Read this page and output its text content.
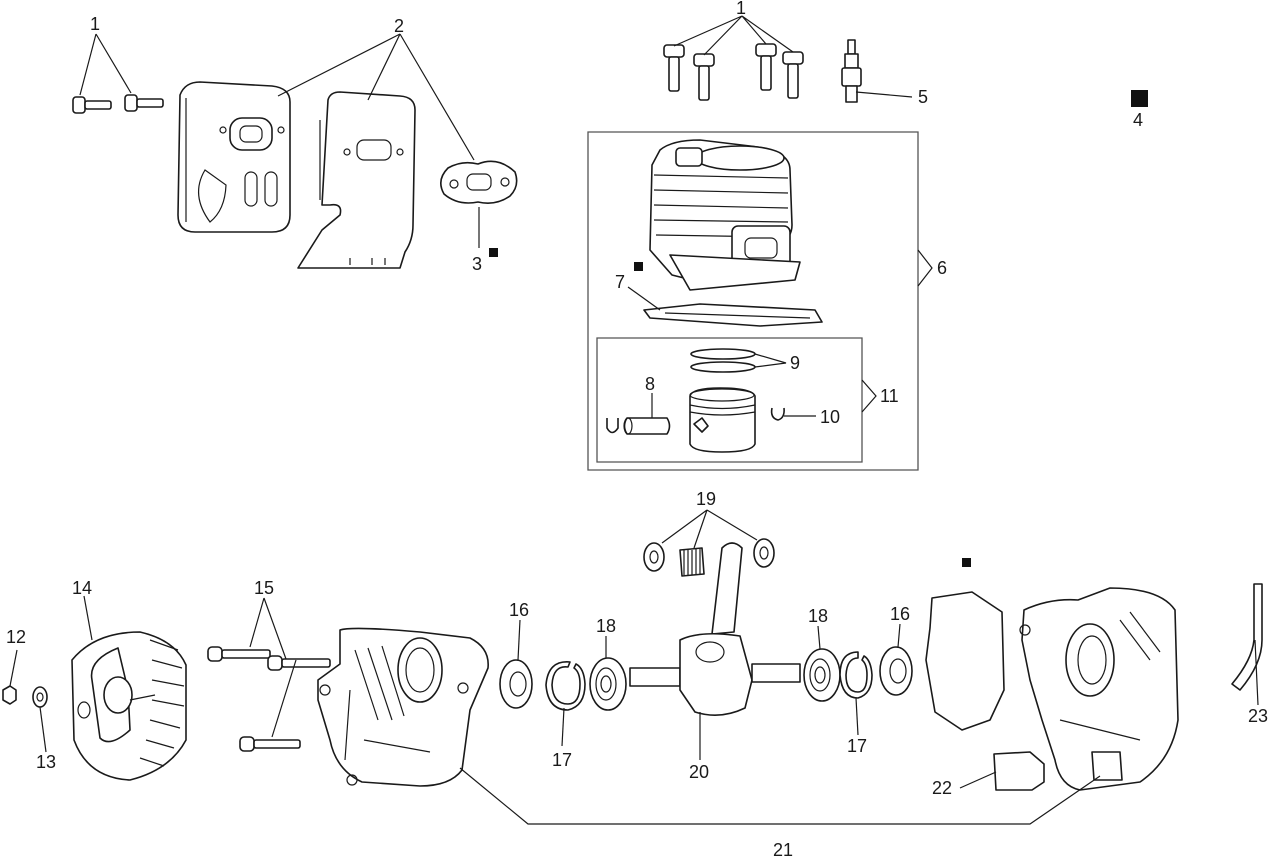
1	2
3
1
4
5
6
7
8
9
10
11
12
13
14	15
16
17
18
19
20
18
17
16
21
22
23
